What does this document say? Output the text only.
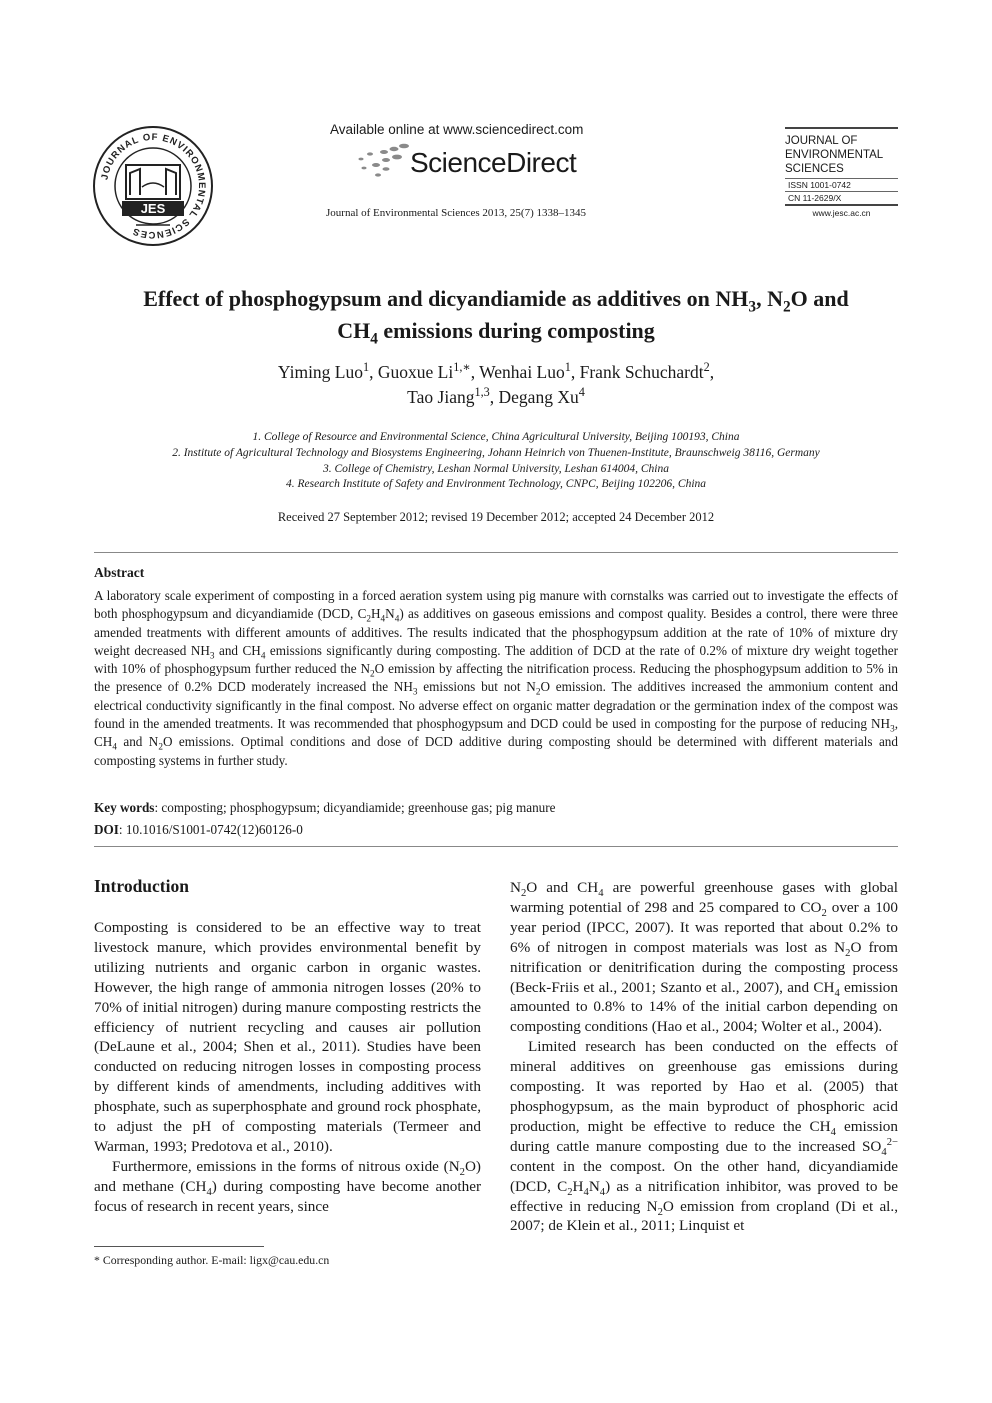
JOURNAL OF ENVIRONMENTAL SCIENCES
JES
Available online at www.sciencedirect.com
ScienceDirect
Journal of Environmental Sciences 2013, 25(7) 1338–1345
JOURNAL OF
ENVIRONMENTAL
SCIENCES
ISSN 1001-0742
CN 11-2629/X
www.jesc.ac.cn
Effect of phosphogypsum and dicyandiamide as additives on $NH_3$, $N_2O$ and
$CH_4$ emissions during composting
Yiming Luo$^1$, Guoxue $Li^{1,∗}$, Wenhai Luo$^1$, Frank Schuchardt$^2$,
Tao Jiang$^{1,3}$, Degang Xu$^4$
1. College of Resource and Environmental Science, China Agricultural University, Beijing 100193, China
2. Institute of Agricultural Technology and Biosystems Engineering, Johann Heinrich von Thuenen-Institute, Braunschweig 38116, Germany
3. College of Chemistry, Leshan Normal University, Leshan 614004, China
4. Research Institute of Safety and Environment Technology, CNPC, Beijing 102206, China
Received 27 September 2012; revised 19 December 2012; accepted 24 December 2012
Abstract
A laboratory scale experiment of composting in a forced aeration system using pig manure with cornstalks was carried out to investigate the effects of both phosphogypsum and dicyandiamide (DCD, $C_2H_4N_4$) as additives on gaseous emissions and compost quality. Besides a control, there were three amended treatments with different amounts of additives. The results indicated that the phosphogypsum addition at the rate of 10% of mixture dry weight decreased $NH_3$ and $CH_4$ emissions significantly during composting. The addition of DCD at the rate of 0.2% of mixture dry weight together with 10% of phosphogypsum further reduced the $N_2O$ emission by affecting the nitrification process. Reducing the phosphogypsum addition to 5% in the presence of 0.2% DCD moderately increased the $NH_3$ emissions but not $N_2O$ emission. The additives increased the ammonium content and electrical conductivity significantly in the final compost. No adverse effect on organic matter degradation or the germination index of the compost was found in the amended treatments. It was recommended that phosphogypsum and DCD could be used in composting for the purpose of reducing $NH_3$, $CH_4$ and $N_2O$ emissions. Optimal conditions and dose of DCD additive during composting should be determined with different materials and composting systems in further study.
Key words: composting; phosphogypsum; dicyandiamide; greenhouse gas; pig manure
DOI: 10.1016/S1001-0742(12)60126-0
Introduction

Composting is considered to be an effective way to treat livestock manure, which provides environmental benefit by utilizing nutrients and organic carbon in organic wastes. However, the high range of ammonia nitrogen losses (20% to 70% of initial nitrogen) during manure composting restricts the efficiency of nutrient recycling and causes air pollution (DeLaune et al., 2004; Shen et al., 2011). Studies have been conducted on reducing nitrogen losses in composting process by different kinds of amendments, including additives with phosphate, such as superphosphate and ground rock phosphate, to adjust the pH of composting materials (Termeer and Warman, 1993; Predotova et al., 2010).

Furthermore, emissions in the forms of nitrous oxide $(N_2O)$ and methane $(CH_4)$ during composting have become another focus of research in recent years, since

$N_2O$ and $CH_4$ are powerful greenhouse gases with global warming potential of 298 and 25 compared to $CO_2$ over a 100 year period (IPCC, 2007). It was reported that about 0.2% to 6% of nitrogen in compost materials was lost as $N_2O$ from nitrification or denitrification during the composting process (Beck-Friis et al., 2001; Szanto et al., 2007), and $CH_4$ emission amounted to 0.8% to 14% of the initial carbon depending on composting conditions (Hao et al., 2004; Wolter et al., 2004).

Limited research has been conducted on the effects of mineral additives on greenhouse gas emissions during composting. It was reported by Hao et al. (2005) that phosphogypsum, as the main byproduct of phosphoric acid production, might be effective to reduce the $CH_4$ emission during cattle manure composting due to the increased $SO_4^{2-}$ content in the compost. On the other hand, dicyandiamide (DCD, $C_2H_4N_4$) as a nitrification inhibitor, was proved to be effective in reducing $N_2O$ emission from cropland (Di et al., 2007; de Klein et al., 2011; Linquist et

* Corresponding author. E-mail: ligx@cau.edu.cn
